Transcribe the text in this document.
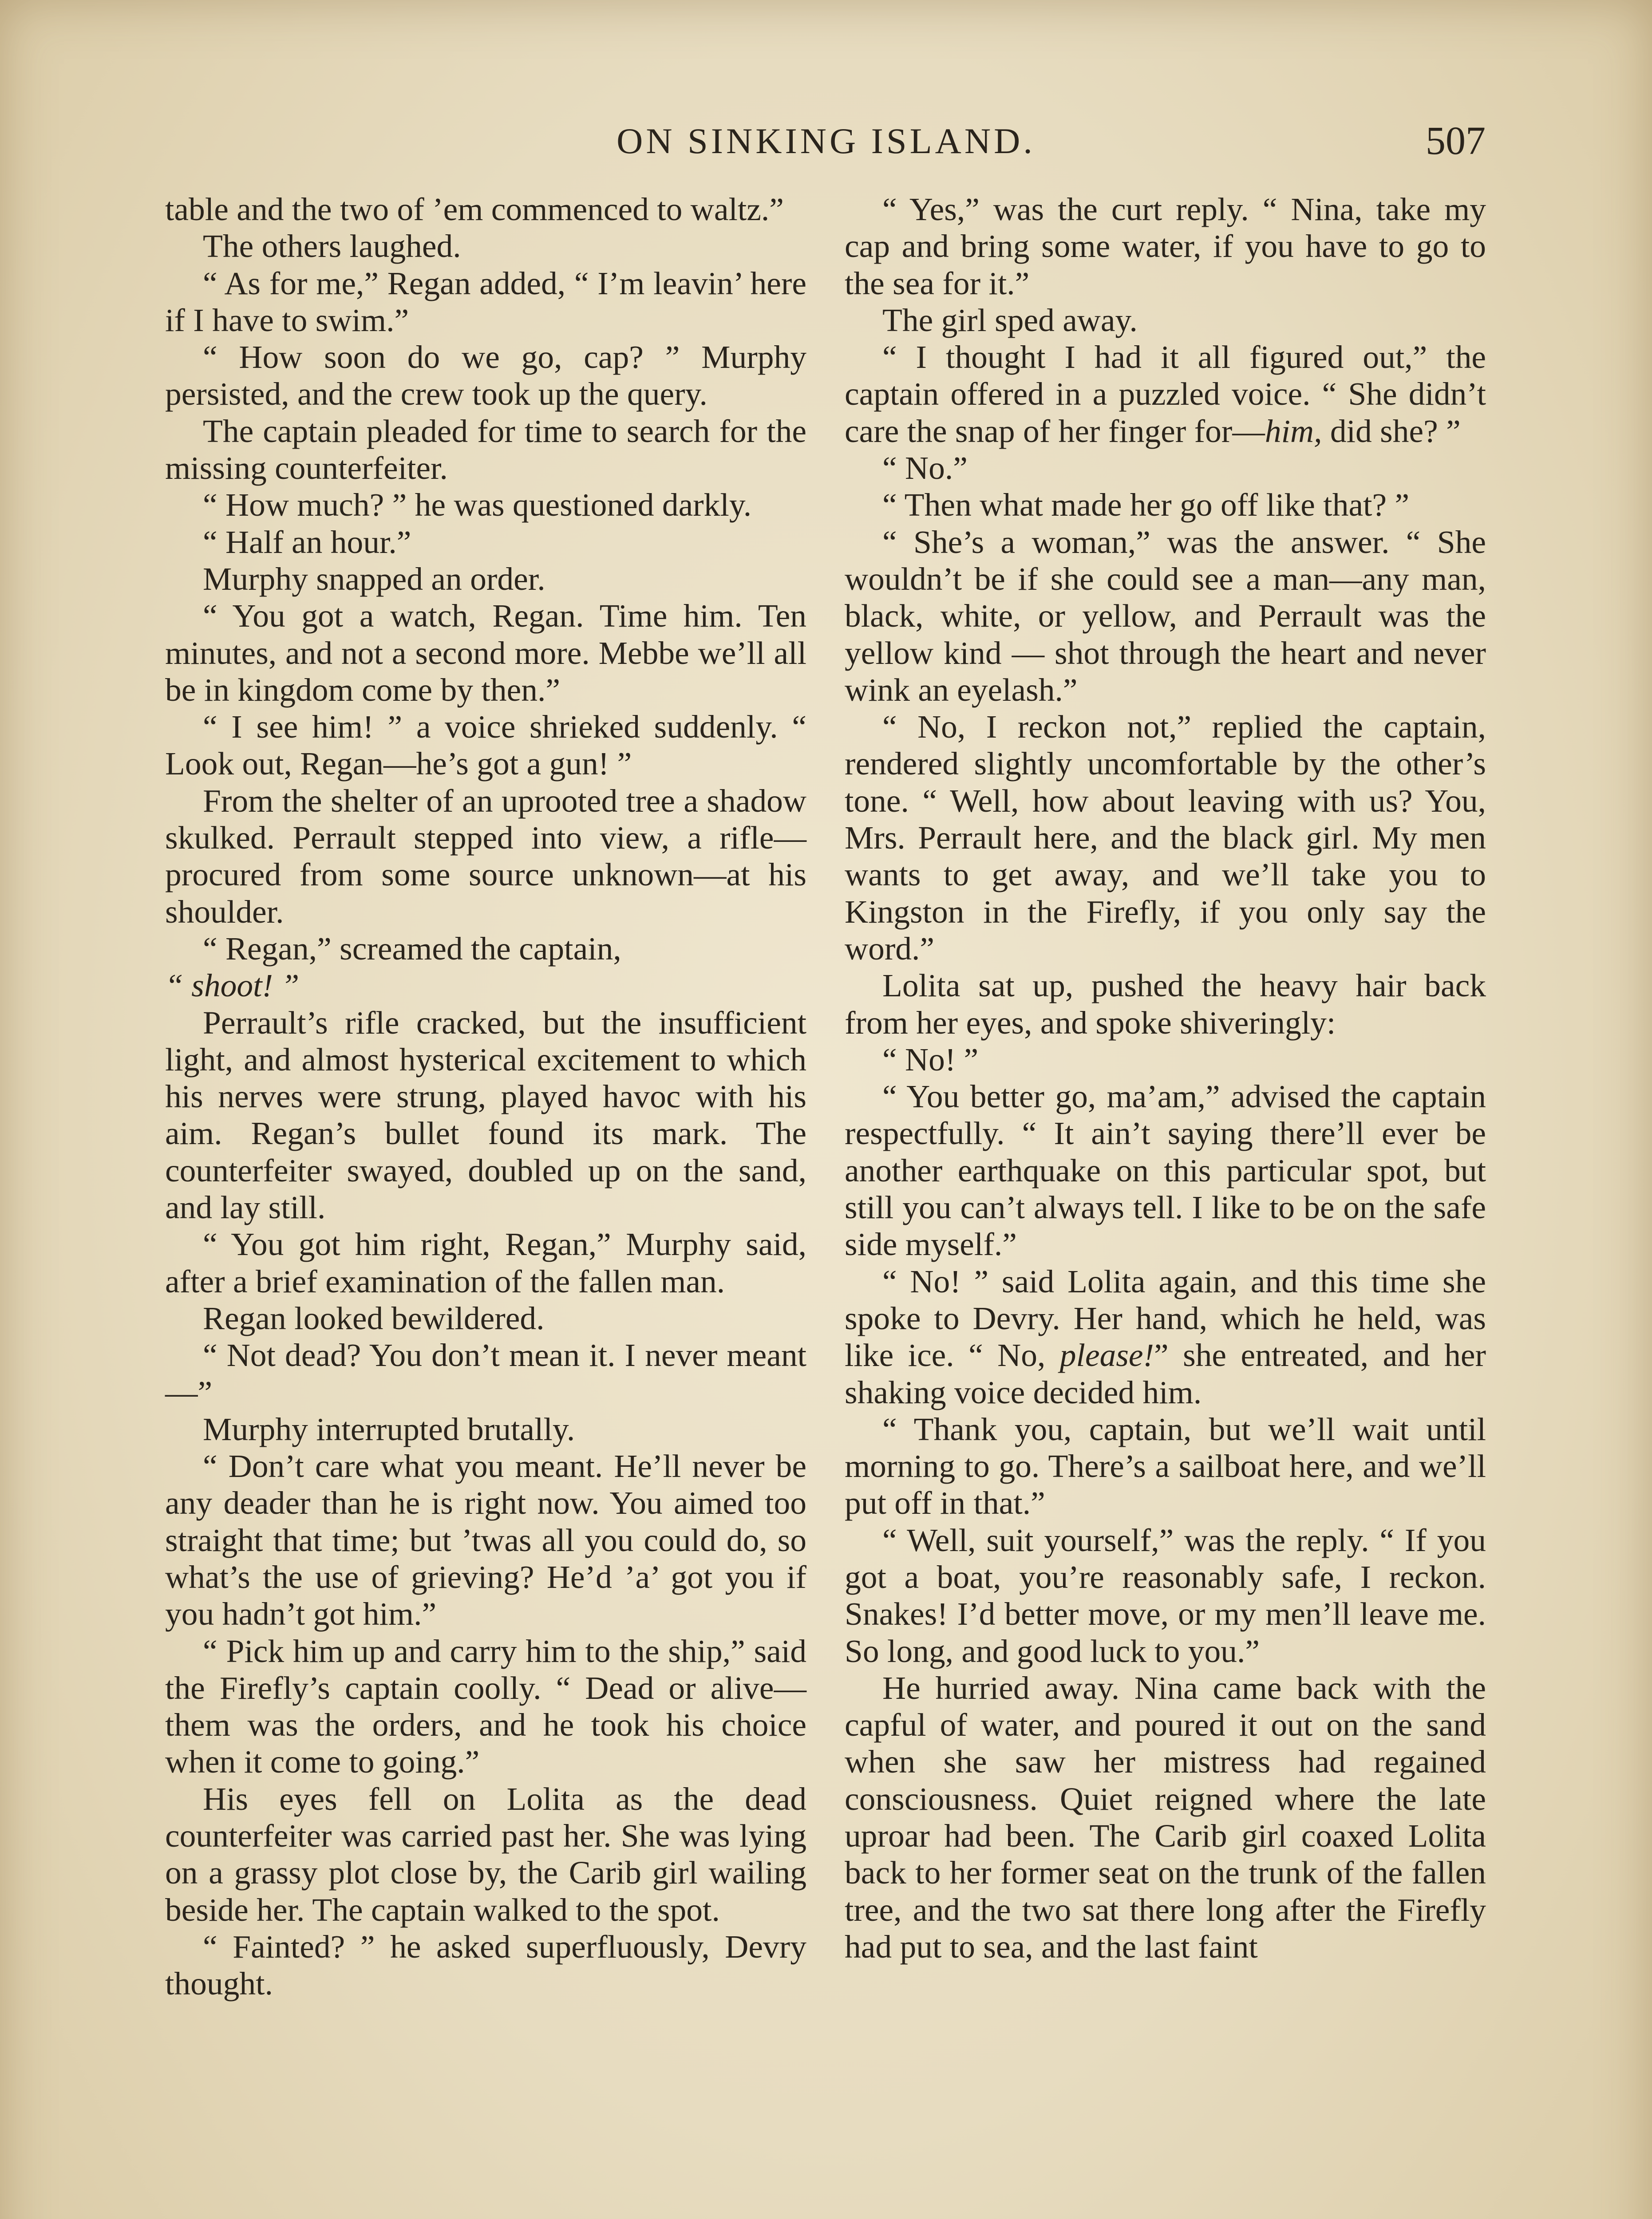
ON SINKING ISLAND.	507

table and the two of ’em commenced to waltz.”

The others laughed.

“ As for me,” Regan added, “ I’m leavin’ here if I have to swim.”

“ How soon do we go, cap? ” Murphy persisted, and the crew took up the query.

The captain pleaded for time to search for the missing counterfeiter.

“ How much? ” he was questioned darkly.

“ Half an hour.”

Murphy snapped an order.

“ You got a watch, Regan. Time him. Ten minutes, and not a second more. Mebbe we’ll all be in kingdom come by then.”

“ I see him! ” a voice shrieked suddenly. “ Look out, Regan—he’s got a gun! ”

From the shelter of an uprooted tree a shadow skulked. Perrault stepped into view, a rifle—procured from some source unknown—at his shoulder.

“ Regan,” screamed the captain,

“ shoot! ”

Perrault’s rifle cracked, but the insufficient light, and almost hysterical excitement to which his nerves were strung, played havoc with his aim. Regan’s bullet found its mark. The counterfeiter swayed, doubled up on the sand, and lay still.

“ You got him right, Regan,” Murphy said, after a brief examination of the fallen man.

Regan looked bewildered.

“ Not dead? You don’t mean it. I never meant—”

Murphy interrupted brutally.

“ Don’t care what you meant. He’ll never be any deader than he is right now. You aimed too straight that time; but ’twas all you could do, so what’s the use of grieving? He’d ’a’ got you if you hadn’t got him.”

“ Pick him up and carry him to the ship,” said the Firefly’s captain coolly. “ Dead or alive—them was the orders, and he took his choice when it come to going.”

His eyes fell on Lolita as the dead counterfeiter was carried past her. She was lying on a grassy plot close by, the Carib girl wailing beside her. The captain walked to the spot.

“ Fainted? ” he asked superfluously, Devry thought.

“ Yes,” was the curt reply. “ Nina, take my cap and bring some water, if you have to go to the sea for it.”

The girl sped away.

“ I thought I had it all figured out,” the captain offered in a puzzled voice. “ She didn’t care the snap of her finger for—him, did she? ”

“ No.”

“ Then what made her go off like that? ”

“ She’s a woman,” was the answer. “ She wouldn’t be if she could see a man—any man, black, white, or yellow, and Perrault was the yellow kind — shot through the heart and never wink an eyelash.”

“ No, I reckon not,” replied the captain, rendered slightly uncomfortable by the other’s tone. “ Well, how about leaving with us? You, Mrs. Perrault here, and the black girl. My men wants to get away, and we’ll take you to Kingston in the Firefly, if you only say the word.”

Lolita sat up, pushed the heavy hair back from her eyes, and spoke shiveringly:

“ No! ”

“ You better go, ma’am,” advised the captain respectfully. “ It ain’t saying there’ll ever be another earthquake on this particular spot, but still you can’t always tell. I like to be on the safe side myself.”

“ No! ” said Lolita again, and this time she spoke to Devry. Her hand, which he held, was like ice. “ No, please!” she entreated, and her shaking voice decided him.

“ Thank you, captain, but we’ll wait until morning to go. There’s a sailboat here, and we’ll put off in that.”

“ Well, suit yourself,” was the reply. “ If you got a boat, you’re reasonably safe, I reckon. Snakes! I’d better move, or my men’ll leave me. So long, and good luck to you.”

He hurried away. Nina came back with the capful of water, and poured it out on the sand when she saw her mistress had regained consciousness. Quiet reigned where the late uproar had been. The Carib girl coaxed Lolita back to her former seat on the trunk of the fallen tree, and the two sat there long after the Firefly had put to sea, and the last faint
